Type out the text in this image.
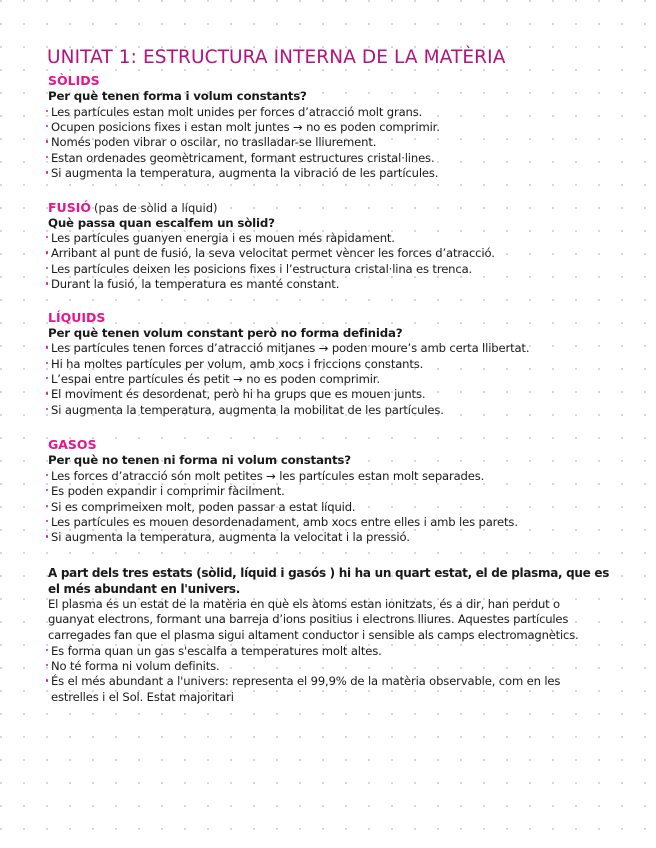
UNITAT 1: ESTRUCTURA INTERNA DE LA MATÈRIA
SÒLIDS
Per què tenen forma i volum constants?
Les partícules estan molt unides per forces d’atracció molt grans.
Ocupen posicions fixes i estan molt juntes → no es poden comprimir.
Només poden vibrar o oscilar, no traslladar-se lliurement.
Estan ordenades geomètricament, formant estructures cristal·lines.
Si augmenta la temperatura, augmenta la vibració de les partícules.
FUSIÓ (pas de sòlid a líquid)
Què passa quan escalfem un sòlid?
Les partícules guanyen energia i es mouen més ràpidament.
Arribant al punt de fusió, la seva velocitat permet vèncer les forces d’atracció.
Les partícules deixen les posicions fixes i l’estructura cristal·lina es trenca.
Durant la fusió, la temperatura es manté constant.
LÍQUIDS
Per què tenen volum constant però no forma definida?
Les partícules tenen forces d’atracció mitjanes → poden moure’s amb certa llibertat.
Hi ha moltes partícules per volum, amb xocs i friccions constants.
L’espai entre partícules és petit → no es poden comprimir.
El moviment és desordenat, però hi ha grups que es mouen junts.
Si augmenta la temperatura, augmenta la mobilitat de les partícules.
GASOS
Per què no tenen ni forma ni volum constants?
Les forces d’atracció són molt petites → les partícules estan molt separades.
Es poden expandir i comprimir fàcilment.
Si es comprimeixen molt, poden passar a estat líquid.
Les partícules es mouen desordenadament, amb xocs entre elles i amb les parets.
Si augmenta la temperatura, augmenta la velocitat i la pressió.
A part dels tres estats (sòlid, líquid i gasós ) hi ha un quart estat, el de plasma, que es el més abundant en l'univers.
El plasma és un estat de la matèria en què els àtoms estan ionitzats, és a dir, han perdut o guanyat electrons, formant una barreja d’ions positius i electrons lliures. Aquestes partícules carregades fan que el plasma sigui altament conductor i sensible als camps electromagnètics.
Es forma quan un gas s'escalfa a temperatures molt altes.
No té forma ni volum definits.
És el més abundant a l'univers: representa el 99,9% de la matèria observable, com en les estrelles i el Sol. Estat majoritari
